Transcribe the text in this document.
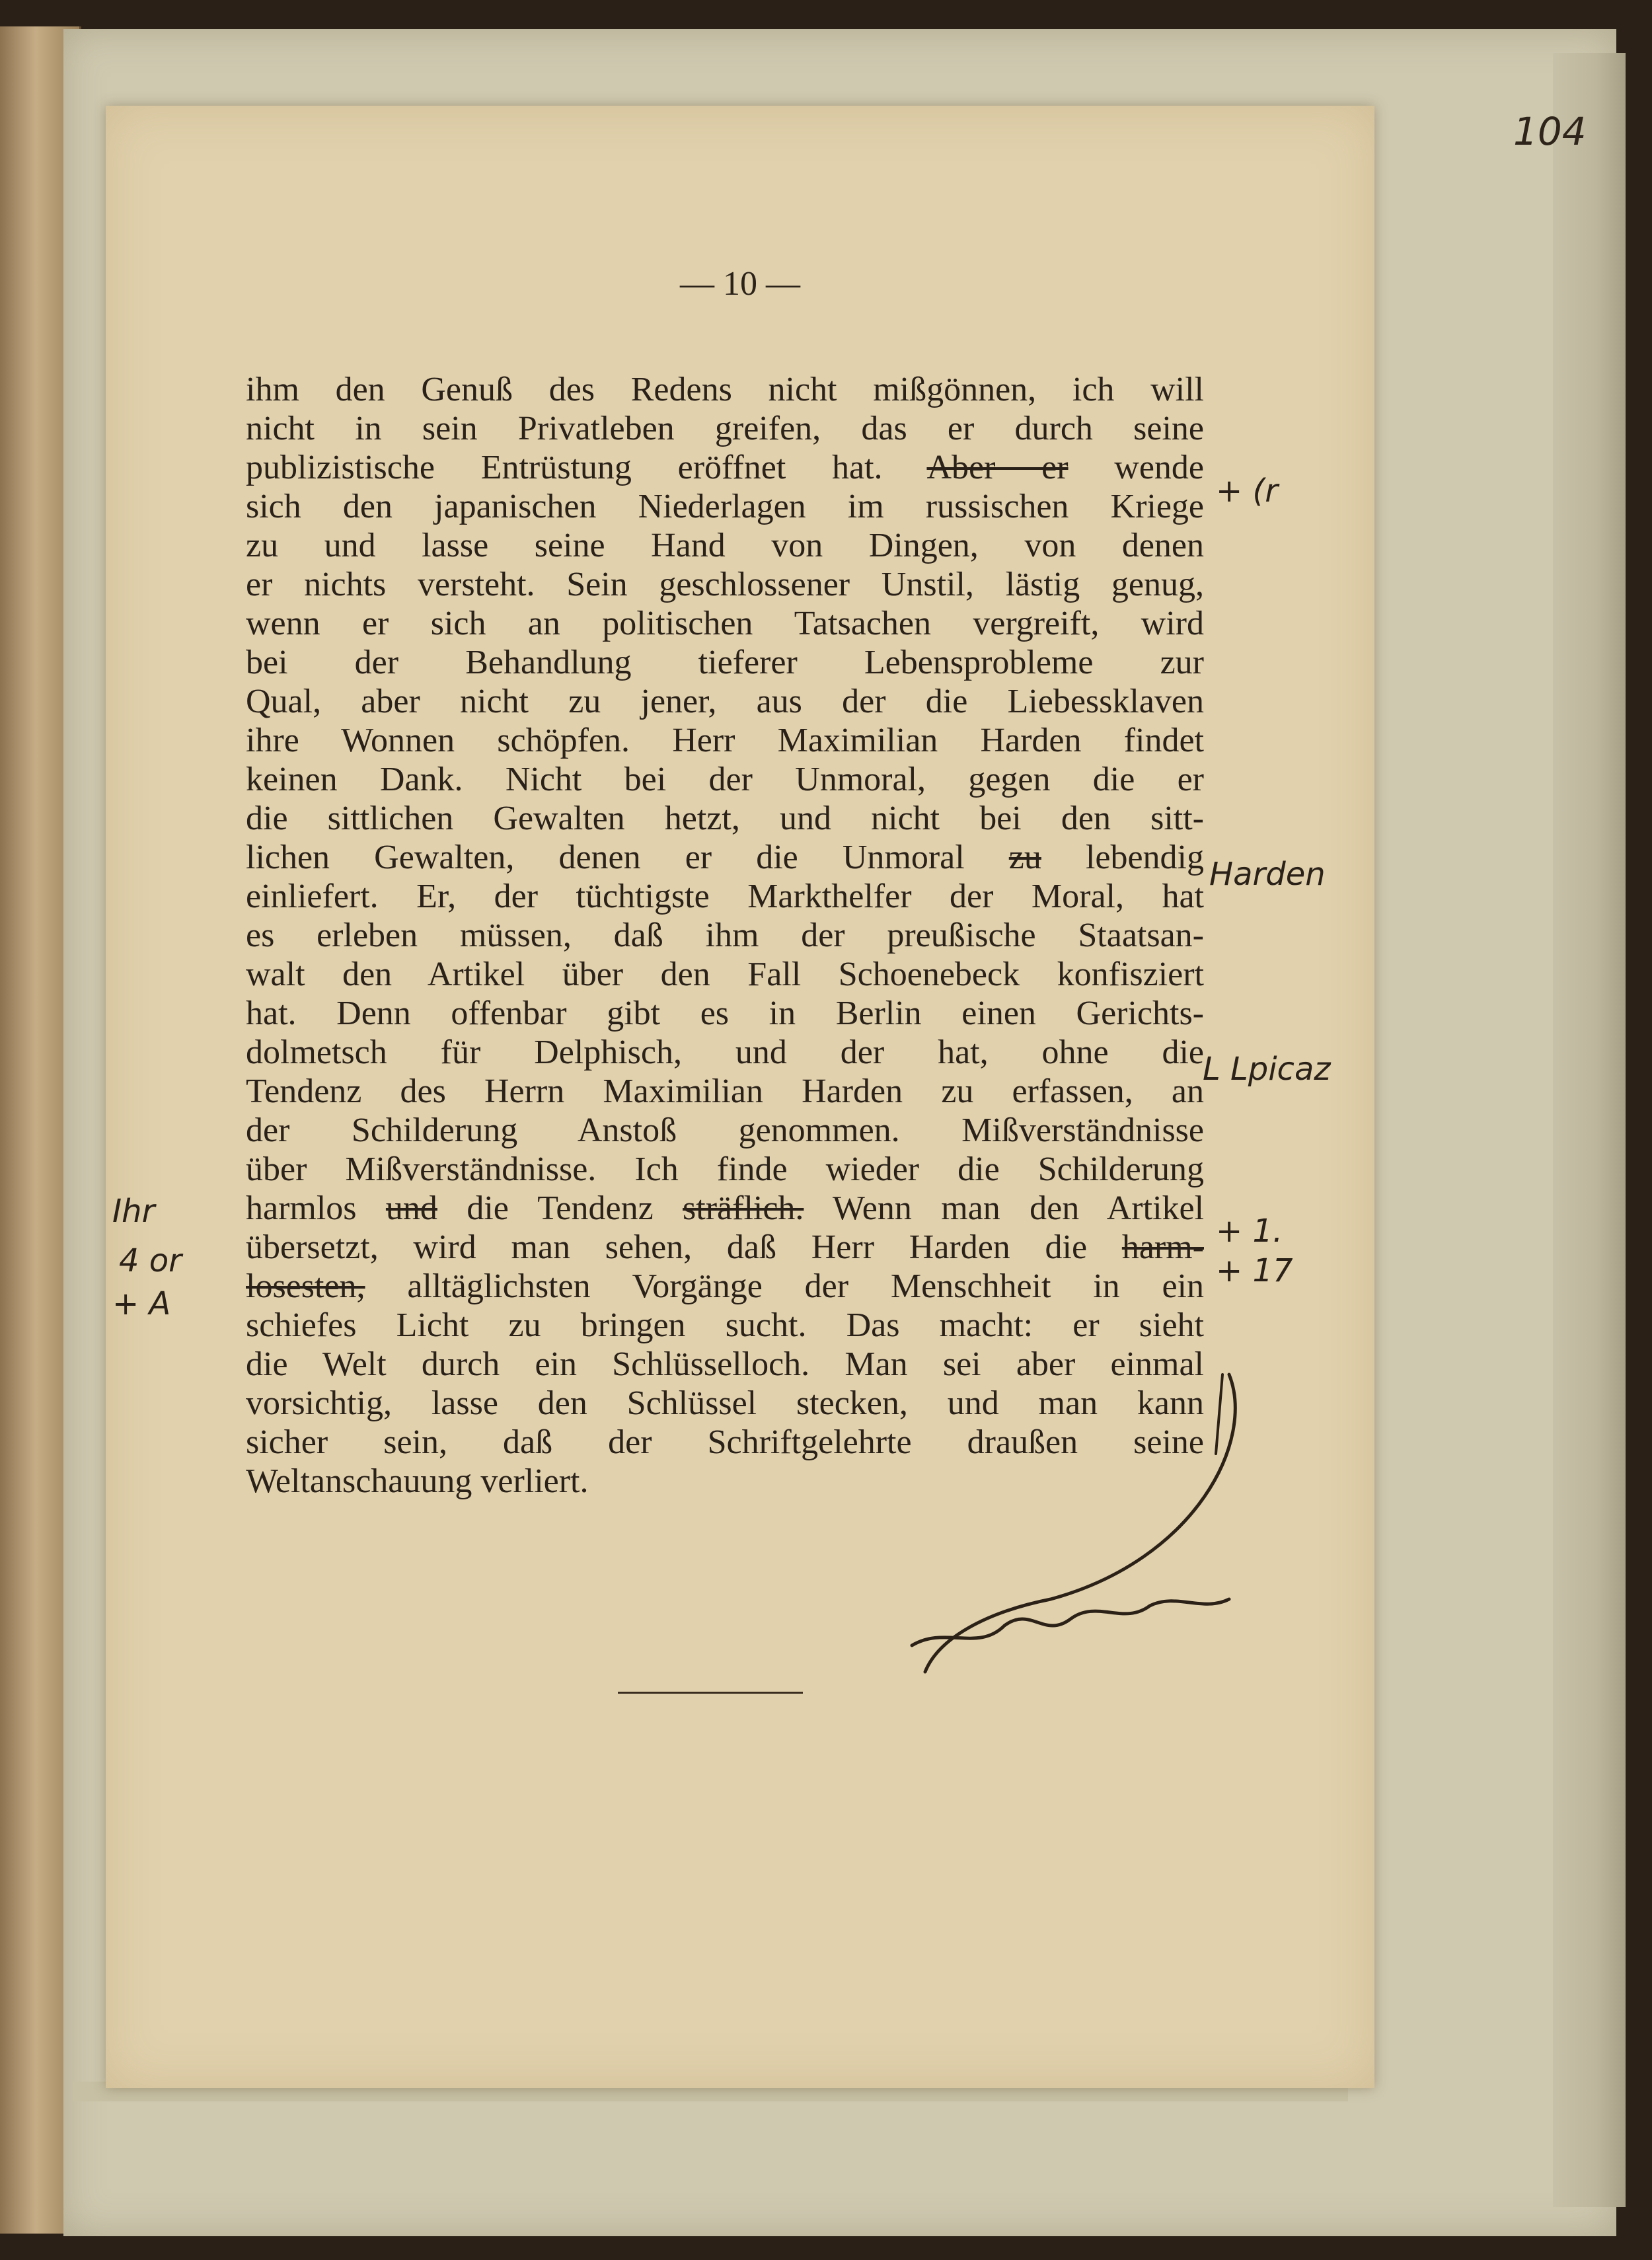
104
— 10 —
ihm den Genuß des Redens nicht mißgönnen, ich will
nicht in sein Privatleben greifen, das er durch seine
publizistische Entrüstung eröffnet hat. Aber er wende
sich den japanischen Niederlagen im russischen Kriege
zu und lasse seine Hand von Dingen, von denen
er nichts versteht. Sein geschlossener Unstil, lästig genug,
wenn er sich an politischen Tatsachen vergreift, wird
bei der Behandlung tieferer Lebensprobleme zur
Qual, aber nicht zu jener, aus der die Liebessklaven
ihre Wonnen schöpfen. Herr Maximilian Harden findet
keinen Dank. Nicht bei der Unmoral, gegen die er
die sittlichen Gewalten hetzt, und nicht bei den sitt-
lichen Gewalten, denen er die Unmoral zu lebendig
einliefert. Er, der tüchtigste Markthelfer der Moral, hat
es erleben müssen, daß ihm der preußische Staatsan-
walt den Artikel über den Fall Schoenebeck konfisziert
hat. Denn offenbar gibt es in Berlin einen Gerichts-
dolmetsch für Delphisch, und der hat, ohne die
Tendenz des Herrn Maximilian Harden zu erfassen, an
der Schilderung Anstoß genommen. Mißverständnisse
über Mißverständnisse. Ich finde wieder die Schilderung
harmlos und die Tendenz sträflich. Wenn man den Artikel
übersetzt, wird man sehen, daß Herr Harden die harm-
losesten, alltäglichsten Vorgänge der Menschheit in ein
schiefes Licht zu bringen sucht. Das macht: er sieht
die Welt durch ein Schlüsselloch. Man sei aber einmal
vorsichtig, lasse den Schlüssel stecken, und man kann
sicher sein, daß der Schriftgelehrte draußen seine
Weltanschauung verliert.
+ (r
Harden
L Lpicaz
+ 1.
+ 17
Ihr
4 or
+ A
